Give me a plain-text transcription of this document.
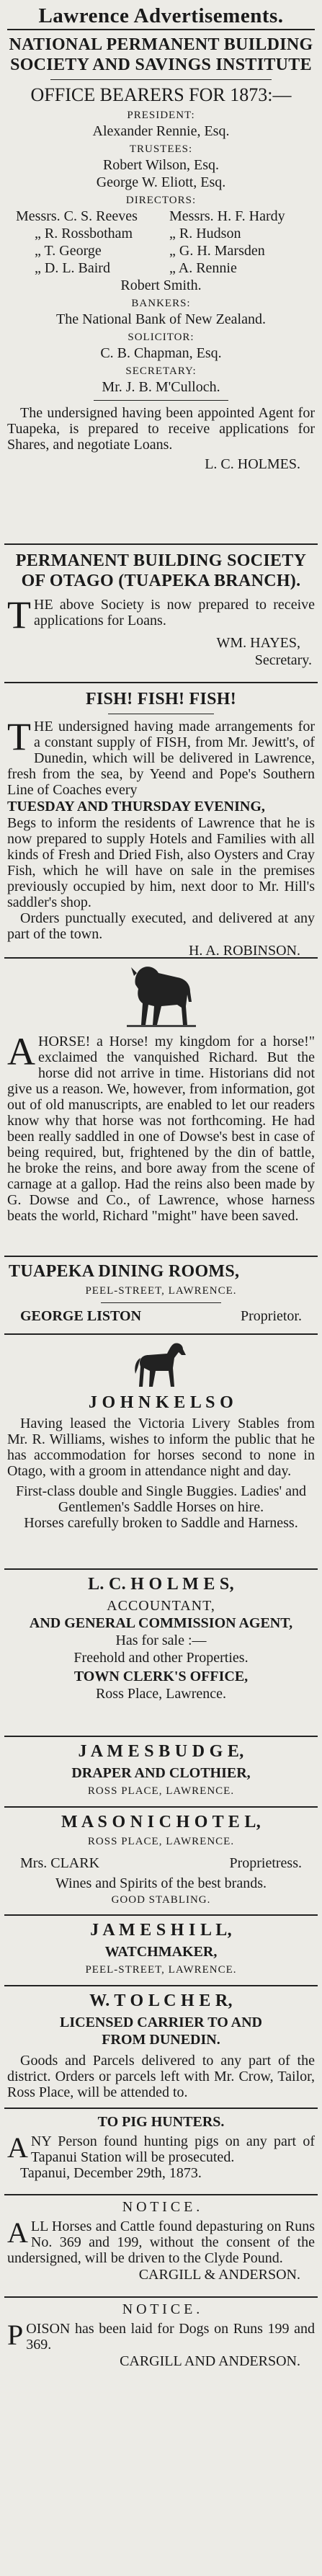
Lawrence Advertisements.
NATIONAL PERMANENT BUILDING
SOCIETY AND SAVINGS INSTITUTE
OFFICE BEARERS FOR 1873:—
PRESIDENT:
Alexander Rennie, Esq.
TRUSTEES:
Robert Wilson, Esq.
George W. Eliott, Esq.
DIRECTORS:
Messrs. C. S. Reeves Messrs. H. F. Hardy
„ R. Rossbotham	„ R. Hudson
„ T. George	„ G. H. Marsden
„ D. L. Baird	„ A. Rennie
Robert Smith.
BANKERS:
The National Bank of New Zealand.
SOLICITOR:
C. B. Chapman, Esq.
SECRETARY:
Mr. J. B. M'Culloch.

The undersigned having been appointed Agent for Tuapeka, is prepared to receive applications for Shares, and negotiate Loans.

L. C. HOLMES.

PERMANENT BUILDING SOCIETY
OF OTAGO (TUAPEKA BRANCH).
T HE above Society is now prepared to receive applications for Loans.

WM. HAYES,

Secretary.

FISH! FISH! FISH!
T HE undersigned having made arrangements for a constant supply of FISH, from Mr. Jewitt's, of Dunedin, which will be delivered in Lawrence, fresh from the sea, by Yeend and Pope's Southern Line of Coaches every

TUESDAY AND THURSDAY EVENING,

Begs to inform the residents of Lawrence that he is now prepared to supply Hotels and Families with all kinds of Fresh and Dried Fish, also Oysters and Cray Fish, which he will have on sale in the premises previously occupied by him, next door to Mr. Hill's saddler's shop.

Orders punctually executed, and delivered at any part of the town.

H. A. ROBINSON.

A HORSE! a Horse! my kingdom for a horse!" exclaimed the vanquished Richard. But the horse did not arrive in time. Historians did not give us a reason. We, however, from information, got out of old manuscripts, are enabled to let our readers know why that horse was not forthcoming. He had been really saddled in one of Dowse's best in case of being required, but, frightened by the din of battle, he broke the reins, and bore away from the scene of carnage at a gallop. Had the reins also been made by G. Dowse and Co., of Lawrence, whose harness beats the world, Richard "might" have been saved.

TUAPEKA DINING ROOMS,
PEEL-STREET, LAWRENCE.
GEORGE LISTON	Proprietor.
J O H N K E L S O

Having leased the Victoria Livery Stables from Mr. R. Williams, wishes to inform the public that he has accommodation for horses second to none in Otago, with a groom in attendance night and day.

First-class double and Single Buggies. Ladies' and Gentlemen's Saddle Horses on hire.

Horses carefully broken to Saddle and Harness.

L. C. H O L M E S,
ACCOUNTANT,
AND GENERAL COMMISSION AGENT,
Has for sale :—
Freehold and other Properties.
TOWN CLERK'S OFFICE,
Ross Place, Lawrence.
J A M E S B U D G E,
DRAPER AND CLOTHIER,
ROSS PLACE, LAWRENCE.
M A S O N I C H O T E L,
ROSS PLACE, LAWRENCE.
Mrs. CLARK	Proprietress.
Wines and Spirits of the best brands.
GOOD STABLING.
J A M E S H I L L,
WATCHMAKER,
PEEL-STREET, LAWRENCE.
W. T O L C H E R,
LICENSED CARRIER TO AND
FROM DUNEDIN.

Goods and Parcels delivered to any part of the district. Orders or parcels left with Mr. Crow, Tailor, Ross Place, will be attended to.

TO PIG HUNTERS.
A NY Person found hunting pigs on any part of Tapanui Station will be prosecuted.

Tapanui, December 29th, 1873.

N O T I C E .
A LL Horses and Cattle found depasturing on Runs No. 369 and 199, without the consent of the undersigned, will be driven to the Clyde Pound.

CARGILL & ANDERSON.

N O T I C E .
P OISON has been laid for Dogs on Runs 199 and 369.

CARGILL AND ANDERSON.
